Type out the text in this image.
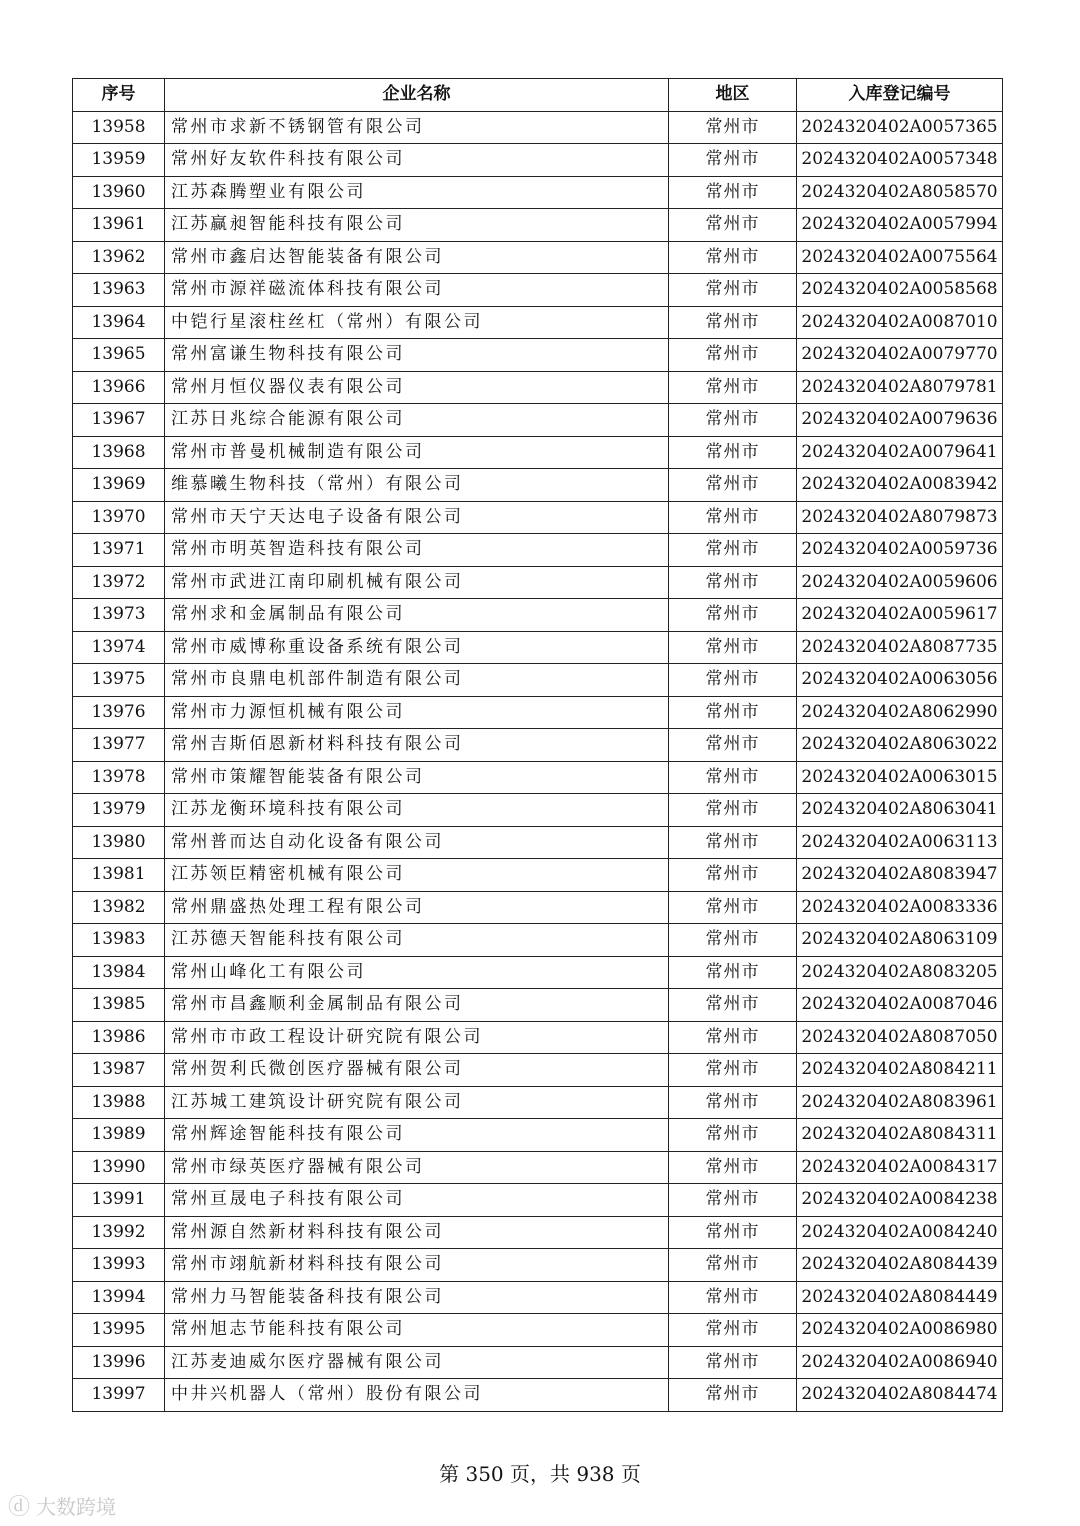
序号	企业名称	地区	入库登记编号
13958	常州市求新不锈钢管有限公司	常州市	2024320402A0057365
13959	常州好友软件科技有限公司	常州市	2024320402A0057348
13960	江苏森腾塑业有限公司	常州市	2024320402A8058570
13961	江苏赢昶智能科技有限公司	常州市	2024320402A0057994
13962	常州市鑫启达智能装备有限公司	常州市	2024320402A0075564
13963	常州市源祥磁流体科技有限公司	常州市	2024320402A0058568
13964	中铠行星滚柱丝杠（常州）有限公司	常州市	2024320402A0087010
13965	常州富谦生物科技有限公司	常州市	2024320402A0079770
13966	常州月恒仪器仪表有限公司	常州市	2024320402A8079781
13967	江苏日兆综合能源有限公司	常州市	2024320402A0079636
13968	常州市普曼机械制造有限公司	常州市	2024320402A0079641
13969	维慕曦生物科技（常州）有限公司	常州市	2024320402A0083942
13970	常州市天宁天达电子设备有限公司	常州市	2024320402A8079873
13971	常州市明英智造科技有限公司	常州市	2024320402A0059736
13972	常州市武进江南印刷机械有限公司	常州市	2024320402A0059606
13973	常州求和金属制品有限公司	常州市	2024320402A0059617
13974	常州市威博称重设备系统有限公司	常州市	2024320402A8087735
13975	常州市良鼎电机部件制造有限公司	常州市	2024320402A0063056
13976	常州市力源恒机械有限公司	常州市	2024320402A8062990
13977	常州吉斯佰恩新材料科技有限公司	常州市	2024320402A8063022
13978	常州市策耀智能装备有限公司	常州市	2024320402A0063015
13979	江苏龙衡环境科技有限公司	常州市	2024320402A8063041
13980	常州普而达自动化设备有限公司	常州市	2024320402A0063113
13981	江苏领臣精密机械有限公司	常州市	2024320402A8083947
13982	常州鼎盛热处理工程有限公司	常州市	2024320402A0083336
13983	江苏德天智能科技有限公司	常州市	2024320402A8063109
13984	常州山峰化工有限公司	常州市	2024320402A8083205
13985	常州市昌鑫顺利金属制品有限公司	常州市	2024320402A0087046
13986	常州市市政工程设计研究院有限公司	常州市	2024320402A8087050
13987	常州贺利氏微创医疗器械有限公司	常州市	2024320402A8084211
13988	江苏城工建筑设计研究院有限公司	常州市	2024320402A8083961
13989	常州辉途智能科技有限公司	常州市	2024320402A8084311
13990	常州市绿英医疗器械有限公司	常州市	2024320402A0084317
13991	常州亘晟电子科技有限公司	常州市	2024320402A0084238
13992	常州源自然新材料科技有限公司	常州市	2024320402A0084240
13993	常州市翊航新材料科技有限公司	常州市	2024320402A8084439
13994	常州力马智能装备科技有限公司	常州市	2024320402A8084449
13995	常州旭志节能科技有限公司	常州市	2024320402A0086980
13996	江苏麦迪威尔医疗器械有限公司	常州市	2024320402A0086940
13997	中井兴机器人（常州）股份有限公司	常州市	2024320402A8084474
第 350 页，共 938 页
ⓓ 大数跨境
